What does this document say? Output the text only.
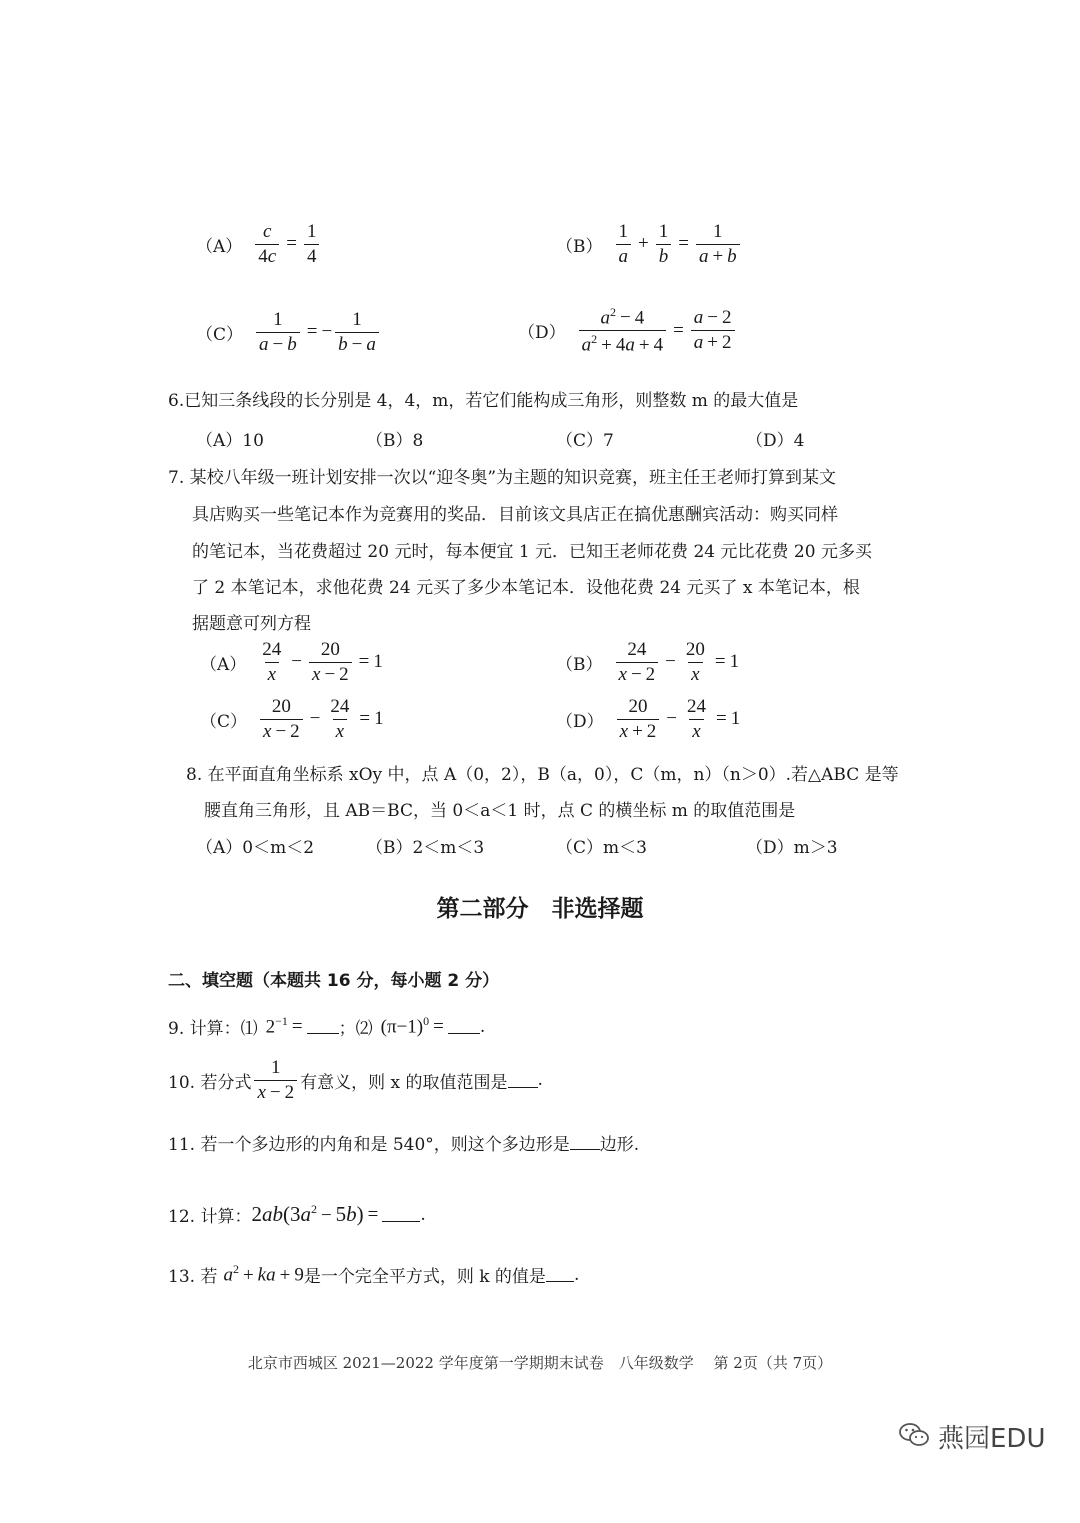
$(A) \frac{c}{4c} = \frac{1}{4}$	$(B) \frac{1}{a} + \frac{1}{b} = \frac{1}{a + b}$
$(C) \frac{1}{a - b}$ = − $\frac{1}{b - a}$	$(D) \frac{a^2 - 4}{a^2 + 4a + 4} = \frac{a - 2}{a + 2}$
6.已知三条线段的长分别是 4，4，m，若它们能构成三角形，则整数 m 的最大值是
（A）10	（B）8	（C）7	（D）4
7. 某校八年级一班计划安排一次以“迎冬奥”为主题的知识竞赛，班主任王老师打算到某文
具店购买一些笔记本作为竞赛用的奖品．目前该文具店正在搞优惠酬宾活动：购买同样
的笔记本，当花费超过 20 元时，每本便宜 1 元．已知王老师花费 24 元比花费 20 元多买
了 2 本笔记本，求他花费 24 元买了多少本笔记本．设他花费 24 元买了 x 本笔记本，根
据题意可列方程
$(A) \frac{24}{x} - \frac{20}{x - 2} = 1$	$(B) \frac{24}{x - 2} - \frac{20}{x} = 1$
$(C) \frac{20}{x - 2} - \frac{24}{x} = 1$	$(D) \frac{20}{x + 2} - \frac{24}{x} = 1$
8. 在平面直角坐标系 xOy 中，点 A（0，2），B（a，0），C（m，n）（n＞0）.若△ABC 是等
腰直角三角形，且 AB＝BC，当 0＜a＜1 时，点 C 的横坐标 m 的取值范围是
（A）0＜m＜2	（B）2＜m＜3	（C）m＜3	（D）m＞3
第二部分　非选择题
二、填空题（本题共 16 分，每小题 2 分）
9. 计算：⑴ $2^{-1}$ = ；⑵ $(\pi-1)^0$ = .
10. 若分式 $\frac{1}{x - 2}$ 有意义，则 x 的取值范围是 .
11. 若一个多边形的内角和是 540°，则这个多边形是 边形.
12. 计算： $2ab(3a^2 - 5b)$ = .
13. 若 $a^2$ + ka + 9 是一个完全平方式，则 k 的值是 .
北京市西城区 2021—2022 学年度第一学期期末试卷　八年级数学　 第 2页（共 7页）
燕园EDU
